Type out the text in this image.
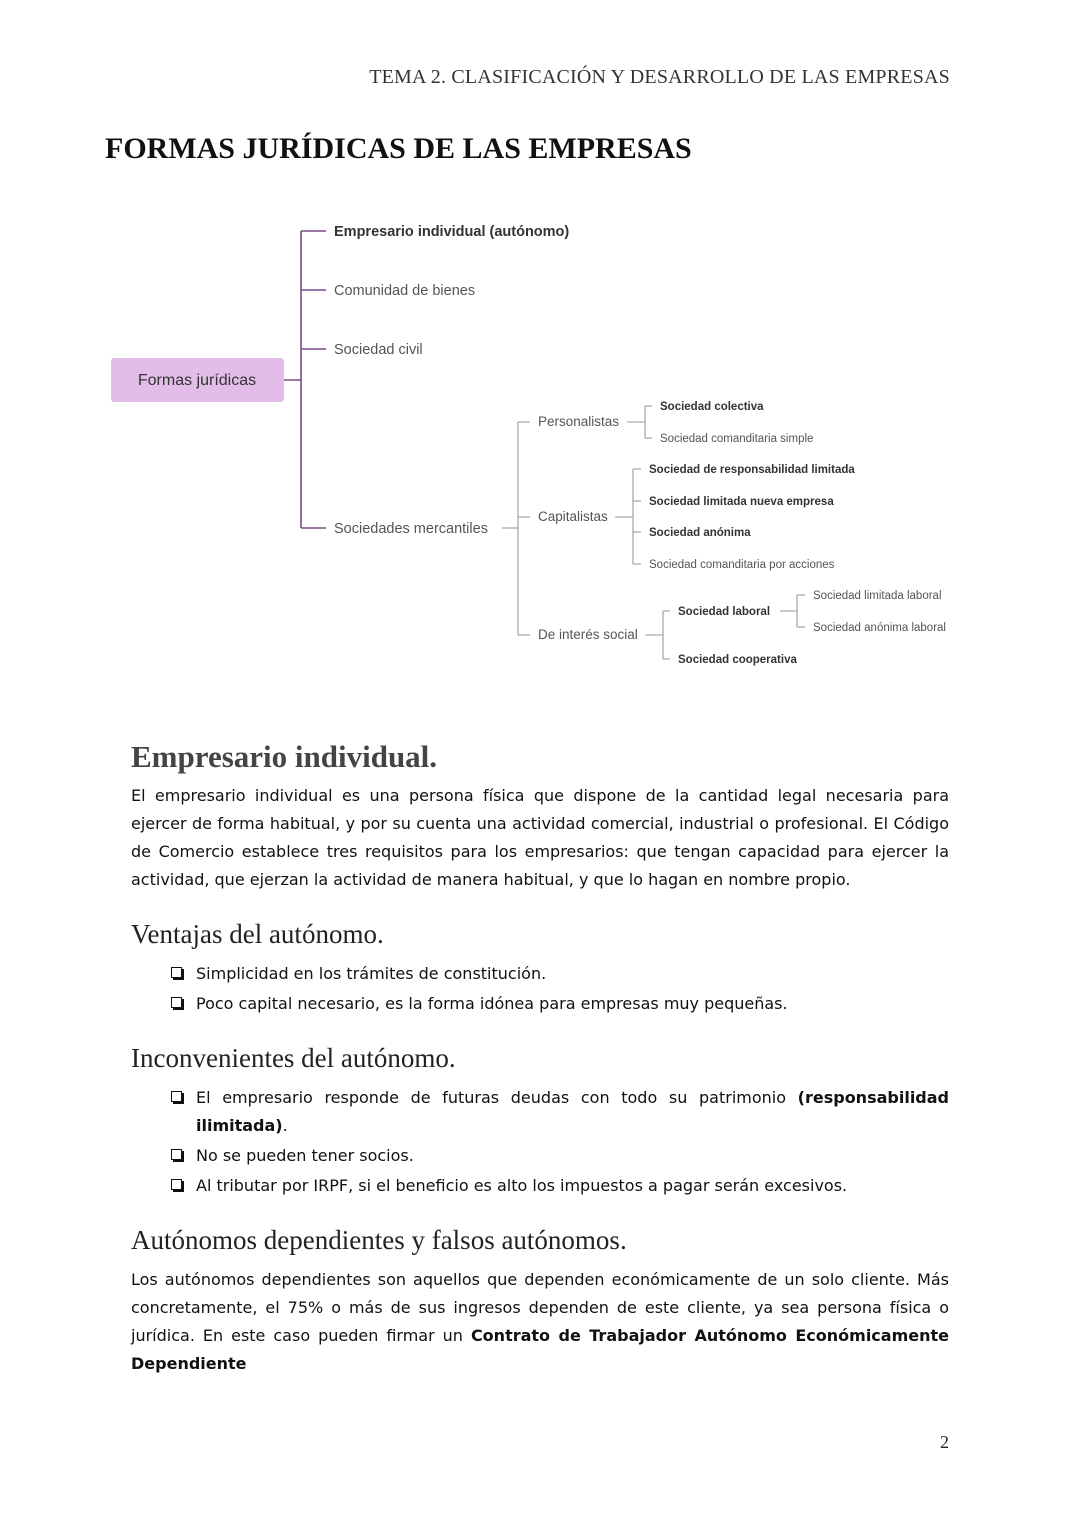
TEMA 2. CLASIFICACIÓN Y DESARROLLO DE LAS EMPRESAS
FORMAS JURÍDICAS DE LAS EMPRESAS
Formas jurídicas
Empresario individual (autónomo)
Comunidad de bienes
Sociedad civil
Sociedades mercantiles
Personalistas
Capitalistas
De interés social
Sociedad colectiva
Sociedad comanditaria simple
Sociedad de responsabilidad limitada
Sociedad limitada nueva empresa
Sociedad anónima
Sociedad comanditaria por acciones
Sociedad laboral
Sociedad cooperativa
Sociedad limitada laboral
Sociedad anónima laboral
Empresario individual.

El empresario individual es una persona física que dispone de la cantidad legal necesaria para ejercer de forma habitual, y por su cuenta una actividad comercial, industrial o profesional. El Código de Comercio establece tres requisitos para los empresarios: que tengan capacidad para ejercer la actividad, que ejerzan la actividad de manera habitual, y que lo hagan en nombre propio.

Ventajas del autónomo.
Simplicidad en los trámites de constitución.
Poco capital necesario, es la forma idónea para empresas muy pequeñas.
Inconvenientes del autónomo.
El empresario responde de futuras deudas con todo su patrimonio (responsabilidad ilimitada).
No se pueden tener socios.
Al tributar por IRPF, si el beneficio es alto los impuestos a pagar serán excesivos.
Autónomos dependientes y falsos autónomos.

Los autónomos dependientes son aquellos que dependen económicamente de un solo cliente. Más concretamente, el 75% o más de sus ingresos dependen de este cliente, ya sea persona física o jurídica. En este caso pueden firmar un Contrato de Trabajador Autónomo Económicamente Dependiente

2
